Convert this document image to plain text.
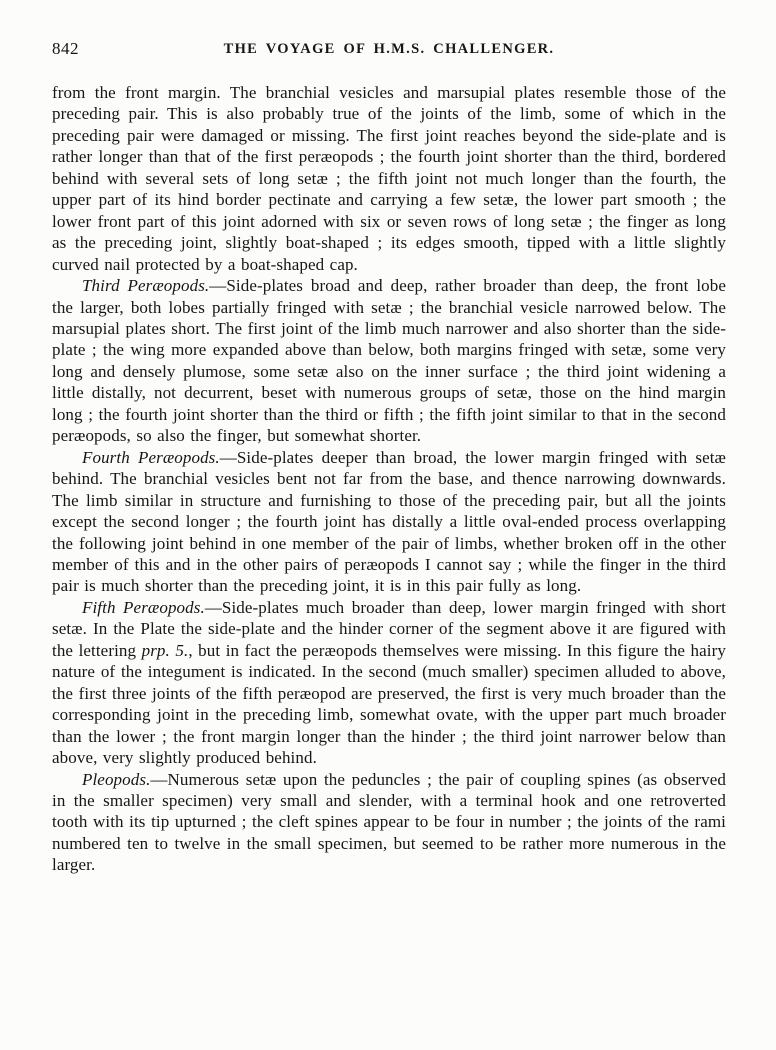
842	THE VOYAGE OF H.M.S. CHALLENGER.

from the front margin. The branchial vesicles and marsupial plates resemble those of the preceding pair. This is also probably true of the joints of the limb, some of which in the preceding pair were damaged or missing. The first joint reaches beyond the side-plate and is rather longer than that of the first peræopods ; the fourth joint shorter than the third, bordered behind with several sets of long setæ ; the fifth joint not much longer than the fourth, the upper part of its hind border pectinate and carrying a few setæ, the lower part smooth ; the lower front part of this joint adorned with six or seven rows of long setæ ; the finger as long as the preceding joint, slightly boat-shaped ; its edges smooth, tipped with a little slightly curved nail protected by a boat-shaped cap.

Third Peræopods.—Side-plates broad and deep, rather broader than deep, the front lobe the larger, both lobes partially fringed with setæ ; the branchial vesicle narrowed below. The marsupial plates short. The first joint of the limb much narrower and also shorter than the side-plate ; the wing more expanded above than below, both margins fringed with setæ, some very long and densely plumose, some setæ also on the inner surface ; the third joint widening a little distally, not decurrent, beset with numerous groups of setæ, those on the hind margin long ; the fourth joint shorter than the third or fifth ; the fifth joint similar to that in the second peræopods, so also the finger, but somewhat shorter.

Fourth Peræopods.—Side-plates deeper than broad, the lower margin fringed with setæ behind. The branchial vesicles bent not far from the base, and thence narrowing downwards. The limb similar in structure and furnishing to those of the preceding pair, but all the joints except the second longer ; the fourth joint has distally a little oval-ended process overlapping the following joint behind in one member of the pair of limbs, whether broken off in the other member of this and in the other pairs of peræopods I cannot say ; while the finger in the third pair is much shorter than the preceding joint, it is in this pair fully as long.

Fifth Peræopods.—Side-plates much broader than deep, lower margin fringed with short setæ. In the Plate the side-plate and the hinder corner of the segment above it are figured with the lettering prp. 5., but in fact the peræopods themselves were missing. In this figure the hairy nature of the integument is indicated. In the second (much smaller) specimen alluded to above, the first three joints of the fifth peræopod are preserved, the first is very much broader than the corresponding joint in the preceding limb, somewhat ovate, with the upper part much broader than the lower ; the front margin longer than the hinder ; the third joint narrower below than above, very slightly produced behind.

Pleopods.—Numerous setæ upon the peduncles ; the pair of coupling spines (as observed in the smaller specimen) very small and slender, with a terminal hook and one retroverted tooth with its tip upturned ; the cleft spines appear to be four in number ; the joints of the rami numbered ten to twelve in the small specimen, but seemed to be rather more numerous in the larger.
